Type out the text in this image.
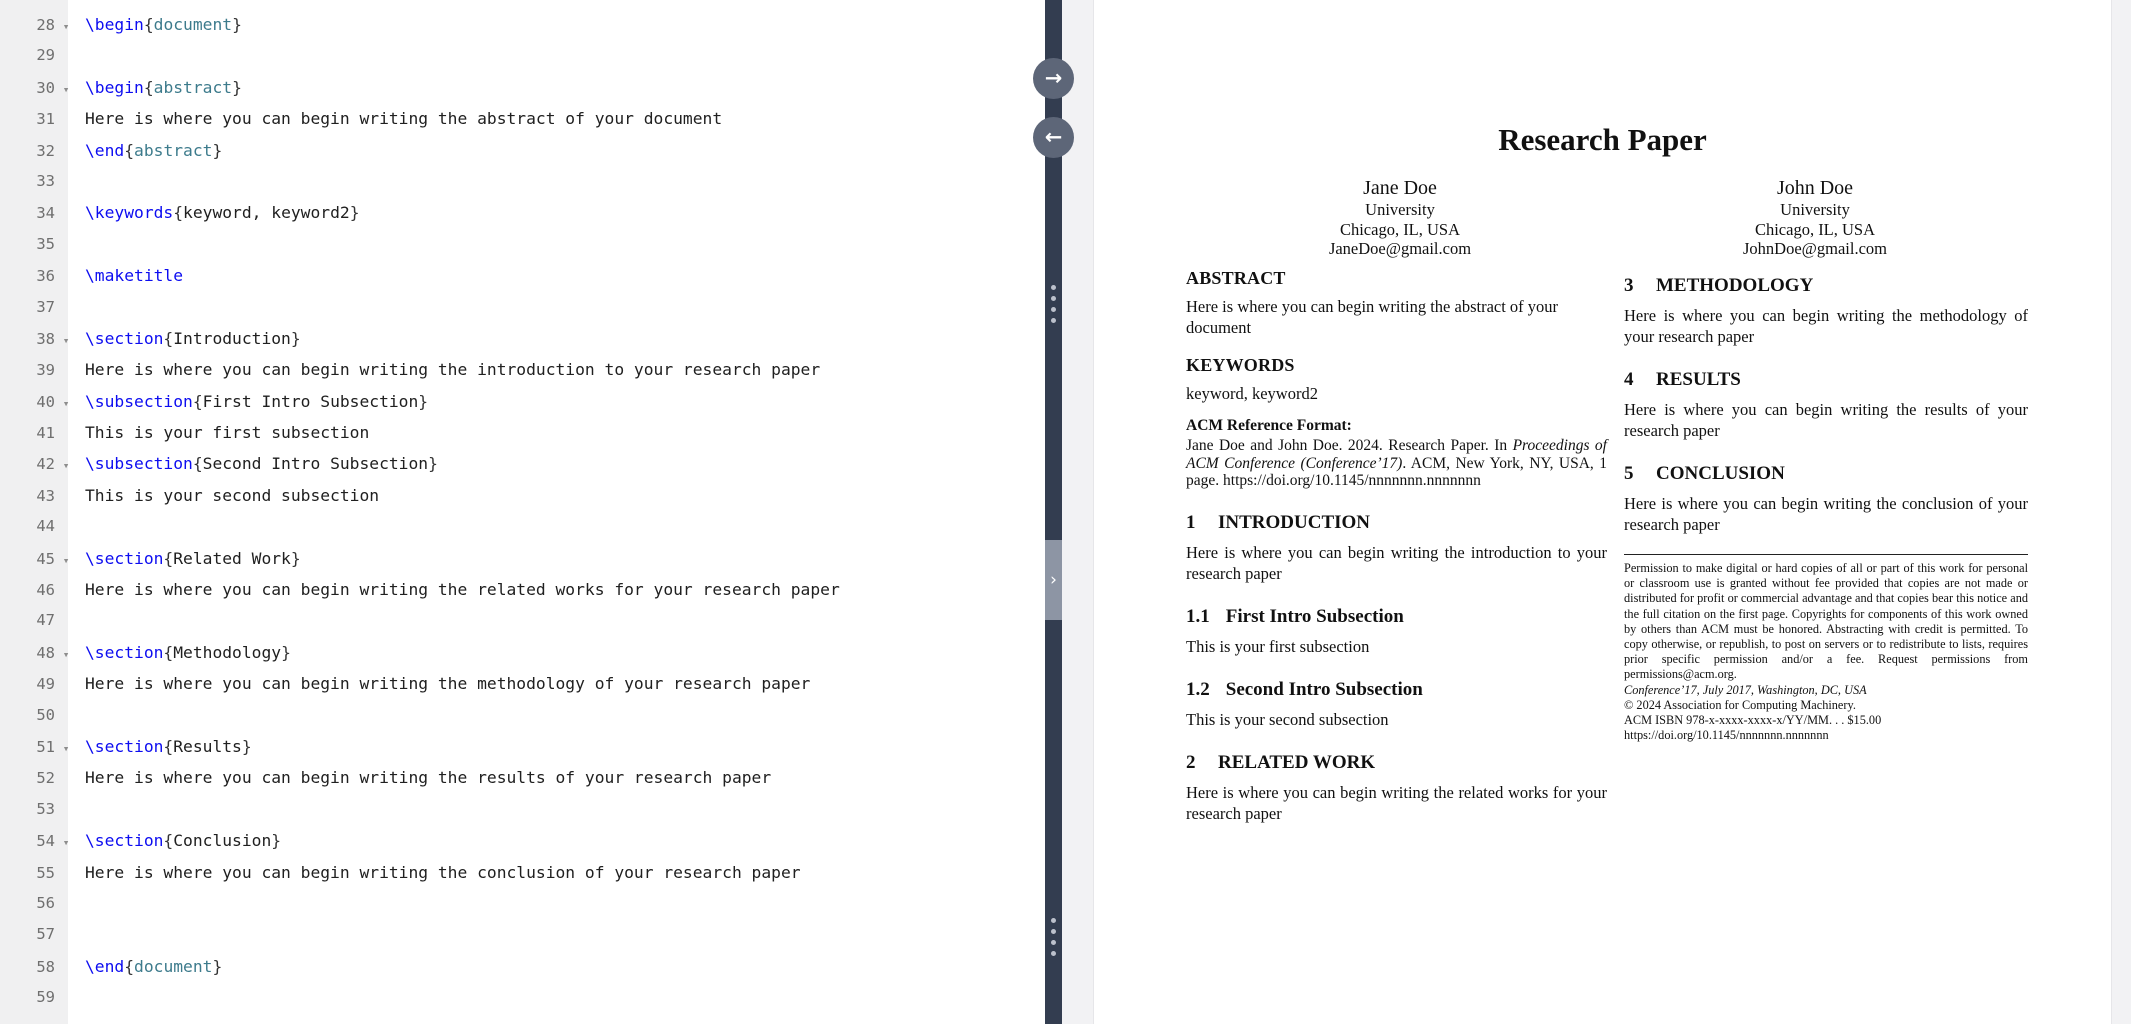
28 ▾ \begin{document}
29
30 ▾ \begin{abstract}
31 Here is where you can begin writing the abstract of your document
32 \end{abstract}
33
34 \keywords{keyword, keyword2}
35
36 \maketitle
37
38 ▾ \section{Introduction}
39 Here is where you can begin writing the introduction to your research paper
40 ▾ \subsection{First Intro Subsection}
41 This is your first subsection
42 ▾ \subsection{Second Intro Subsection}
43 This is your second subsection
44
45 ▾ \section{Related Work}
46 Here is where you can begin writing the related works for your research paper
47
48 ▾ \section{Methodology}
49 Here is where you can begin writing the methodology of your research paper
50
51 ▾ \section{Results}
52 Here is where you can begin writing the results of your research paper
53
54 ▾ \section{Conclusion}
55 Here is where you can begin writing the conclusion of your research paper
56
57
58 \end{document}
59
→
←
›
Research Paper
Jane Doe
University
Chicago, IL, USA
JaneDoe@gmail.com
John Doe
University
Chicago, IL, USA
JohnDoe@gmail.com
ABSTRACT

Here is where you can begin writing the abstract of your document

KEYWORDS

keyword, keyword2

ACM Reference Format:

Jane Doe and John Doe. 2024. Research Paper. In Proceedings of ACM Conference (Conference’17). ACM, New York, NY, USA, 1 page. https://doi.org/10.1145/nnnnnnn.nnnnnnn

1 INTRODUCTION

Here is where you can begin writing the introduction to your research paper

1.1 First Intro Subsection

This is your first subsection

1.2 Second Intro Subsection

This is your second subsection

2 RELATED WORK

Here is where you can begin writing the related works for your research paper

3 METHODOLOGY

Here is where you can begin writing the methodology of your research paper

4 RESULTS

Here is where you can begin writing the results of your research paper

5 CONCLUSION

Here is where you can begin writing the conclusion of your research paper

Permission to make digital or hard copies of all or part of this work for personal or classroom use is granted without fee provided that copies are not made or distributed for profit or commercial advantage and that copies bear this notice and the full citation on the first page. Copyrights for components of this work owned by others than ACM must be honored. Abstracting with credit is permitted. To copy otherwise, or republish, to post on servers or to redistribute to lists, requires prior specific permission and/or a fee. Request permissions from permissions@acm.org.

Conference’17, July 2017, Washington, DC, USA
© 2024 Association for Computing Machinery.
ACM ISBN 978-x-xxxx-xxxx-x/YY/MM. . . $15.00
https://doi.org/10.1145/nnnnnnn.nnnnnnn
